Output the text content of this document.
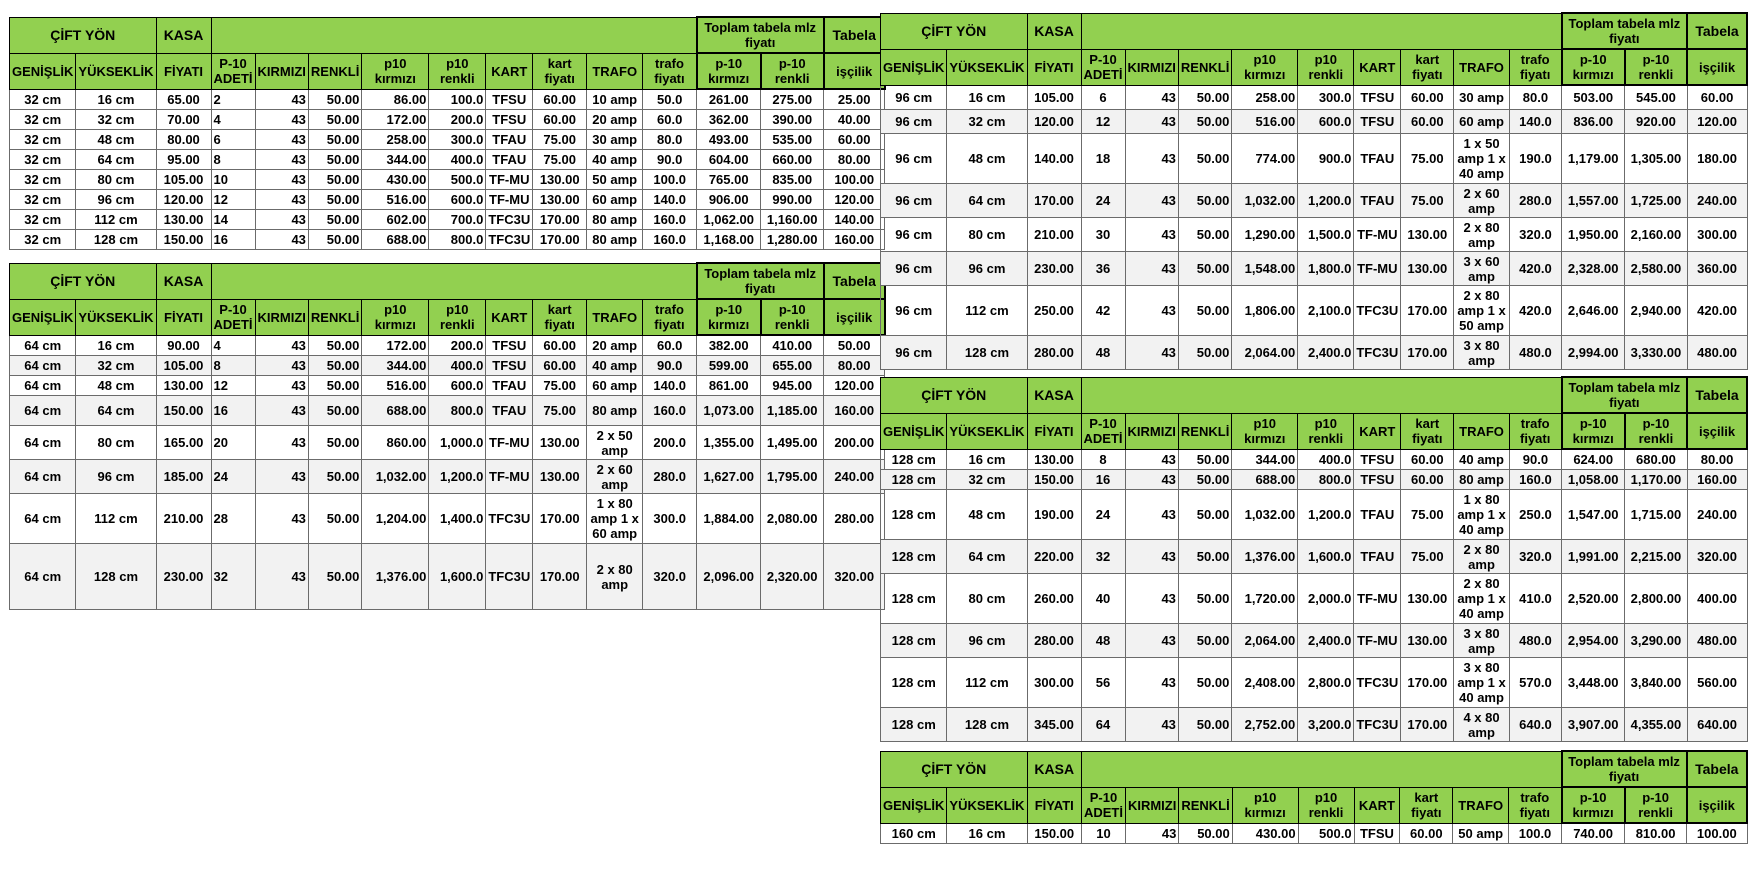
ÇİFT YÖN		KASA										Toplam tabela mlz fiyatı		Tabela
GENİŞLİK	YÜKSEKLİK	FİYATI	P-10 ADETİ	KIRMIZI	RENKLİ	p10 kırmızı	p10 renkli	KART	kart fiyatı	TRAFO	trafo fiyatı	p-10 kırmızı	p-10 renkli	işçilik
32 cm	16 cm	65.00	2	43	50.00	86.00	100.0	TFSU	60.00	10 amp	50.0	261.00	275.00	25.00
32 cm	32 cm	70.00	4	43	50.00	172.00	200.0	TFSU	60.00	20 amp	60.0	362.00	390.00	40.00
32 cm	48 cm	80.00	6	43	50.00	258.00	300.0	TFAU	75.00	30 amp	80.0	493.00	535.00	60.00
32 cm	64 cm	95.00	8	43	50.00	344.00	400.0	TFAU	75.00	40 amp	90.0	604.00	660.00	80.00
32 cm	80 cm	105.00	10	43	50.00	430.00	500.0	TF-MU	130.00	50 amp	100.0	765.00	835.00	100.00
32 cm	96 cm	120.00	12	43	50.00	516.00	600.0	TF-MU	130.00	60 amp	140.0	906.00	990.00	120.00
32 cm	112 cm	130.00	14	43	50.00	602.00	700.0	TFC3U	170.00	80 amp	160.0	1,062.00	1,160.00	140.00
32 cm	128 cm	150.00	16	43	50.00	688.00	800.0	TFC3U	170.00	80 amp	160.0	1,168.00	1,280.00	160.00
ÇİFT YÖN		KASA										Toplam tabela mlz fiyatı		Tabela
GENİŞLİK	YÜKSEKLİK	FİYATI	P-10 ADETİ	KIRMIZI	RENKLİ	p10 kırmızı	p10 renkli	KART	kart fiyatı	TRAFO	trafo fiyatı	p-10 kırmızı	p-10 renkli	işçilik
64 cm	16 cm	90.00	4	43	50.00	172.00	200.0	TFSU	60.00	20 amp	60.0	382.00	410.00	50.00
64 cm	32 cm	105.00	8	43	50.00	344.00	400.0	TFSU	60.00	40 amp	90.0	599.00	655.00	80.00
64 cm	48 cm	130.00	12	43	50.00	516.00	600.0	TFAU	75.00	60 amp	140.0	861.00	945.00	120.00
64 cm	64 cm	150.00	16	43	50.00	688.00	800.0	TFAU	75.00	80 amp	160.0	1,073.00	1,185.00	160.00
64 cm	80 cm	165.00	20	43	50.00	860.00	1,000.0	TF-MU	130.00	2 x 50 amp	200.0	1,355.00	1,495.00	200.00
64 cm	96 cm	185.00	24	43	50.00	1,032.00	1,200.0	TF-MU	130.00	2 x 60 amp	280.0	1,627.00	1,795.00	240.00
64 cm	112 cm	210.00	28	43	50.00	1,204.00	1,400.0	TFC3U	170.00	1 x 80 amp 1 x 60 amp	300.0	1,884.00	2,080.00	280.00
64 cm	128 cm	230.00	32	43	50.00	1,376.00	1,600.0	TFC3U	170.00	2 x 80 amp	320.0	2,096.00	2,320.00	320.00
ÇİFT YÖN		KASA										Toplam tabela mlz fiyatı		Tabela
GENİŞLİK	YÜKSEKLİK	FİYATI	P-10 ADETİ	KIRMIZI	RENKLİ	p10 kırmızı	p10 renkli	KART	kart fiyatı	TRAFO	trafo fiyatı	p-10 kırmızı	p-10 renkli	işçilik
96 cm	16 cm	105.00	6	43	50.00	258.00	300.0	TFSU	60.00	30 amp	80.0	503.00	545.00	60.00
96 cm	32 cm	120.00	12	43	50.00	516.00	600.0	TFSU	60.00	60 amp	140.0	836.00	920.00	120.00
96 cm	48 cm	140.00	18	43	50.00	774.00	900.0	TFAU	75.00	1 x 50 amp 1 x 40 amp	190.0	1,179.00	1,305.00	180.00
96 cm	64 cm	170.00	24	43	50.00	1,032.00	1,200.0	TFAU	75.00	2 x 60 amp	280.0	1,557.00	1,725.00	240.00
96 cm	80 cm	210.00	30	43	50.00	1,290.00	1,500.0	TF-MU	130.00	2 x 80 amp	320.0	1,950.00	2,160.00	300.00
96 cm	96 cm	230.00	36	43	50.00	1,548.00	1,800.0	TF-MU	130.00	3 x 60 amp	420.0	2,328.00	2,580.00	360.00
96 cm	112 cm	250.00	42	43	50.00	1,806.00	2,100.0	TFC3U	170.00	2 x 80 amp 1 x 50 amp	420.0	2,646.00	2,940.00	420.00
96 cm	128 cm	280.00	48	43	50.00	2,064.00	2,400.0	TFC3U	170.00	3 x 80 amp	480.0	2,994.00	3,330.00	480.00
ÇİFT YÖN		KASA										Toplam tabela mlz fiyatı		Tabela
GENİŞLİK	YÜKSEKLİK	FİYATI	P-10 ADETİ	KIRMIZI	RENKLİ	p10 kırmızı	p10 renkli	KART	kart fiyatı	TRAFO	trafo fiyatı	p-10 kırmızı	p-10 renkli	işçilik
128 cm	16 cm	130.00	8	43	50.00	344.00	400.0	TFSU	60.00	40 amp	90.0	624.00	680.00	80.00
128 cm	32 cm	150.00	16	43	50.00	688.00	800.0	TFSU	60.00	80 amp	160.0	1,058.00	1,170.00	160.00
128 cm	48 cm	190.00	24	43	50.00	1,032.00	1,200.0	TFAU	75.00	1 x 80 amp 1 x 40 amp	250.0	1,547.00	1,715.00	240.00
128 cm	64 cm	220.00	32	43	50.00	1,376.00	1,600.0	TFAU	75.00	2 x 80 amp	320.0	1,991.00	2,215.00	320.00
128 cm	80 cm	260.00	40	43	50.00	1,720.00	2,000.0	TF-MU	130.00	2 x 80 amp 1 x 40 amp	410.0	2,520.00	2,800.00	400.00
128 cm	96 cm	280.00	48	43	50.00	2,064.00	2,400.0	TF-MU	130.00	3 x 80 amp	480.0	2,954.00	3,290.00	480.00
128 cm	112 cm	300.00	56	43	50.00	2,408.00	2,800.0	TFC3U	170.00	3 x 80 amp 1 x 40 amp	570.0	3,448.00	3,840.00	560.00
128 cm	128 cm	345.00	64	43	50.00	2,752.00	3,200.0	TFC3U	170.00	4 x 80 amp	640.0	3,907.00	4,355.00	640.00
ÇİFT YÖN		KASA										Toplam tabela mlz fiyatı		Tabela
GENİŞLİK	YÜKSEKLİK	FİYATI	P-10 ADETİ	KIRMIZI	RENKLİ	p10 kırmızı	p10 renkli	KART	kart fiyatı	TRAFO	trafo fiyatı	p-10 kırmızı	p-10 renkli	işçilik
160 cm	16 cm	150.00	10	43	50.00	430.00	500.0	TFSU	60.00	50 amp	100.0	740.00	810.00	100.00
